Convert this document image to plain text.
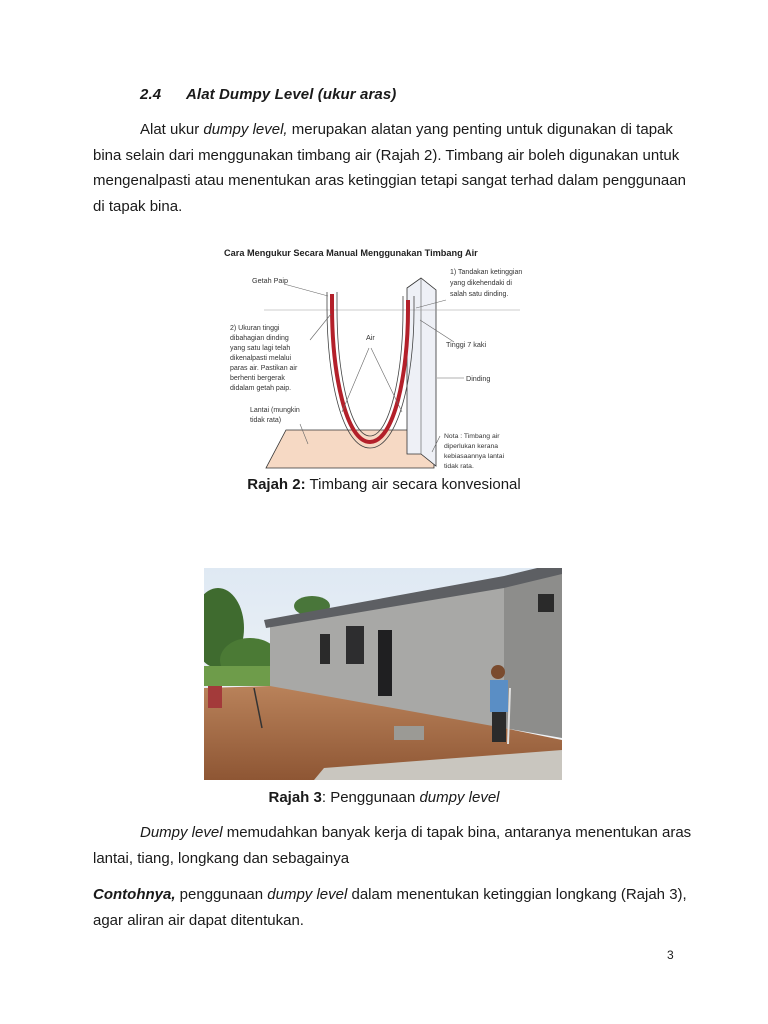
2.4 Alat Dumpy Level (ukur aras)
Alat ukur dumpy level, merupakan alatan yang penting untuk digunakan di tapak bina selain dari menggunakan timbang air (Rajah 2). Timbang air boleh digunakan untuk mengenalpasti atau menentukan aras ketinggian tetapi sangat terhad dalam penggunaan di tapak bina.
Cara Mengukur Secara Manual Menggunakan Timbang Air
Getah Paip
1) Tandakan ketinggian
yang dikehendaki di
salah satu dinding.
2) Ukuran tinggi
dibahagian dinding
yang satu lagi telah
dikenalpasti melalui
paras air. Pastikan air
berhenti bergerak
didalam getah paip.
Air
Tinggi 7 kaki
Dinding
Lantai (mungkin
tidak rata)
Nota : Timbang air
diperlukan kerana
kebiasaannya lantai
tidak rata.
Rajah 2: Timbang air secara konvesional
Rajah 3: Penggunaan dumpy level
Dumpy level memudahkan banyak kerja di tapak bina, antaranya menentukan aras lantai, tiang, longkang dan sebagainya
Contohnya, penggunaan dumpy level dalam menentukan ketinggian longkang (Rajah 3), agar aliran air dapat ditentukan.
3
